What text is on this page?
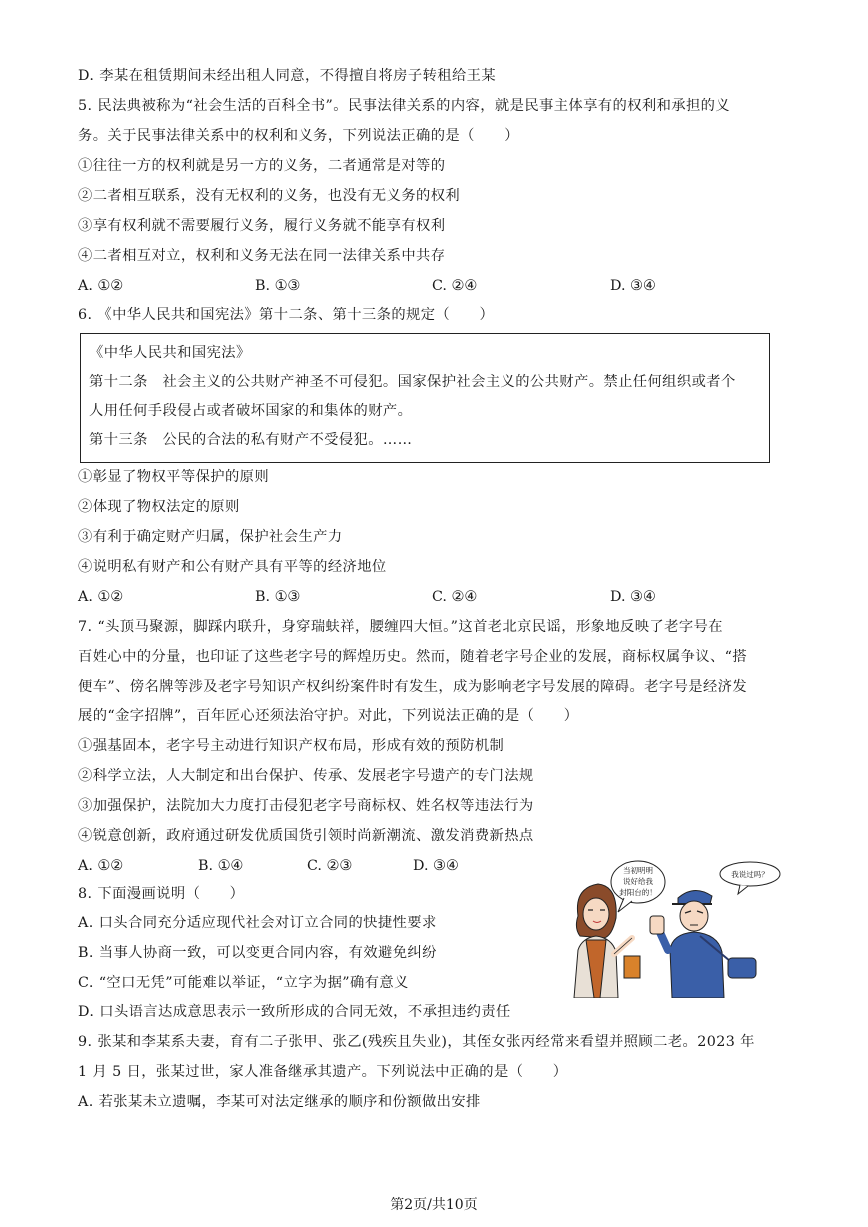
D. 李某在租赁期间未经出租人同意，不得擅自将房子转租给王某
5. 民法典被称为“社会生活的百科全书”。民事法律关系的内容，就是民事主体享有的权利和承担的义
务。关于民事法律关系中的权利和义务，下列说法正确的是（　　）
①往往一方的权利就是另一方的义务，二者通常是对等的
②二者相互联系，没有无权利的义务，也没有无义务的权利
③享有权利就不需要履行义务，履行义务就不能享有权利
④二者相互对立，权利和义务无法在同一法律关系中共存
A. ①②	B. ①③	C. ②④	D. ③④
6. 《中华人民共和国宪法》第十二条、第十三条的规定（　　）
《中华人民共和国宪法》
第十二条　社会主义的公共财产神圣不可侵犯。国家保护社会主义的公共财产。禁止任何组织或者个
人用任何手段侵占或者破坏国家的和集体的财产。
第十三条　公民的合法的私有财产不受侵犯。……
①彰显了物权平等保护的原则
②体现了物权法定的原则
③有利于确定财产归属，保护社会生产力
④说明私有财产和公有财产具有平等的经济地位
A. ①②	B. ①③	C. ②④	D. ③④
7. “头顶马聚源，脚踩内联升，身穿瑞蚨祥，腰缠四大恒。”这首老北京民谣，形象地反映了老字号在
百姓心中的分量，也印证了这些老字号的辉煌历史。然而，随着老字号企业的发展，商标权属争议、“搭
便车”、傍名牌等涉及老字号知识产权纠纷案件时有发生，成为影响老字号发展的障碍。老字号是经济发
展的“金字招牌”，百年匠心还须法治守护。对此，下列说法正确的是（　　）
①强基固本，老字号主动进行知识产权布局，形成有效的预防机制
②科学立法，人大制定和出台保护、传承、发展老字号遗产的专门法规
③加强保护，法院加大力度打击侵犯老字号商标权、姓名权等违法行为
④锐意创新，政府通过研发优质国货引领时尚新潮流、激发消费新热点
A. ①②	B. ①④	C. ②③	D. ③④
8. 下面漫画说明（　　）
A. 口头合同充分适应现代社会对订立合同的快捷性要求
B. 当事人协商一致，可以变更合同内容，有效避免纠纷
C. “空口无凭”可能难以举证，“立字为据”确有意义
D. 口头语言达成意思表示一致所形成的合同无效，不承担违约责任
当初明明
说好给我
封阳台的！
我说过吗？
9. 张某和李某系夫妻，育有二子张甲、张乙(残疾且失业)，其侄女张丙经常来看望并照顾二老。2023 年
1 月 5 日，张某过世，家人准备继承其遗产。下列说法中正确的是（　　）
A. 若张某未立遗嘱，李某可对法定继承的顺序和份额做出安排
第2页/共10页
